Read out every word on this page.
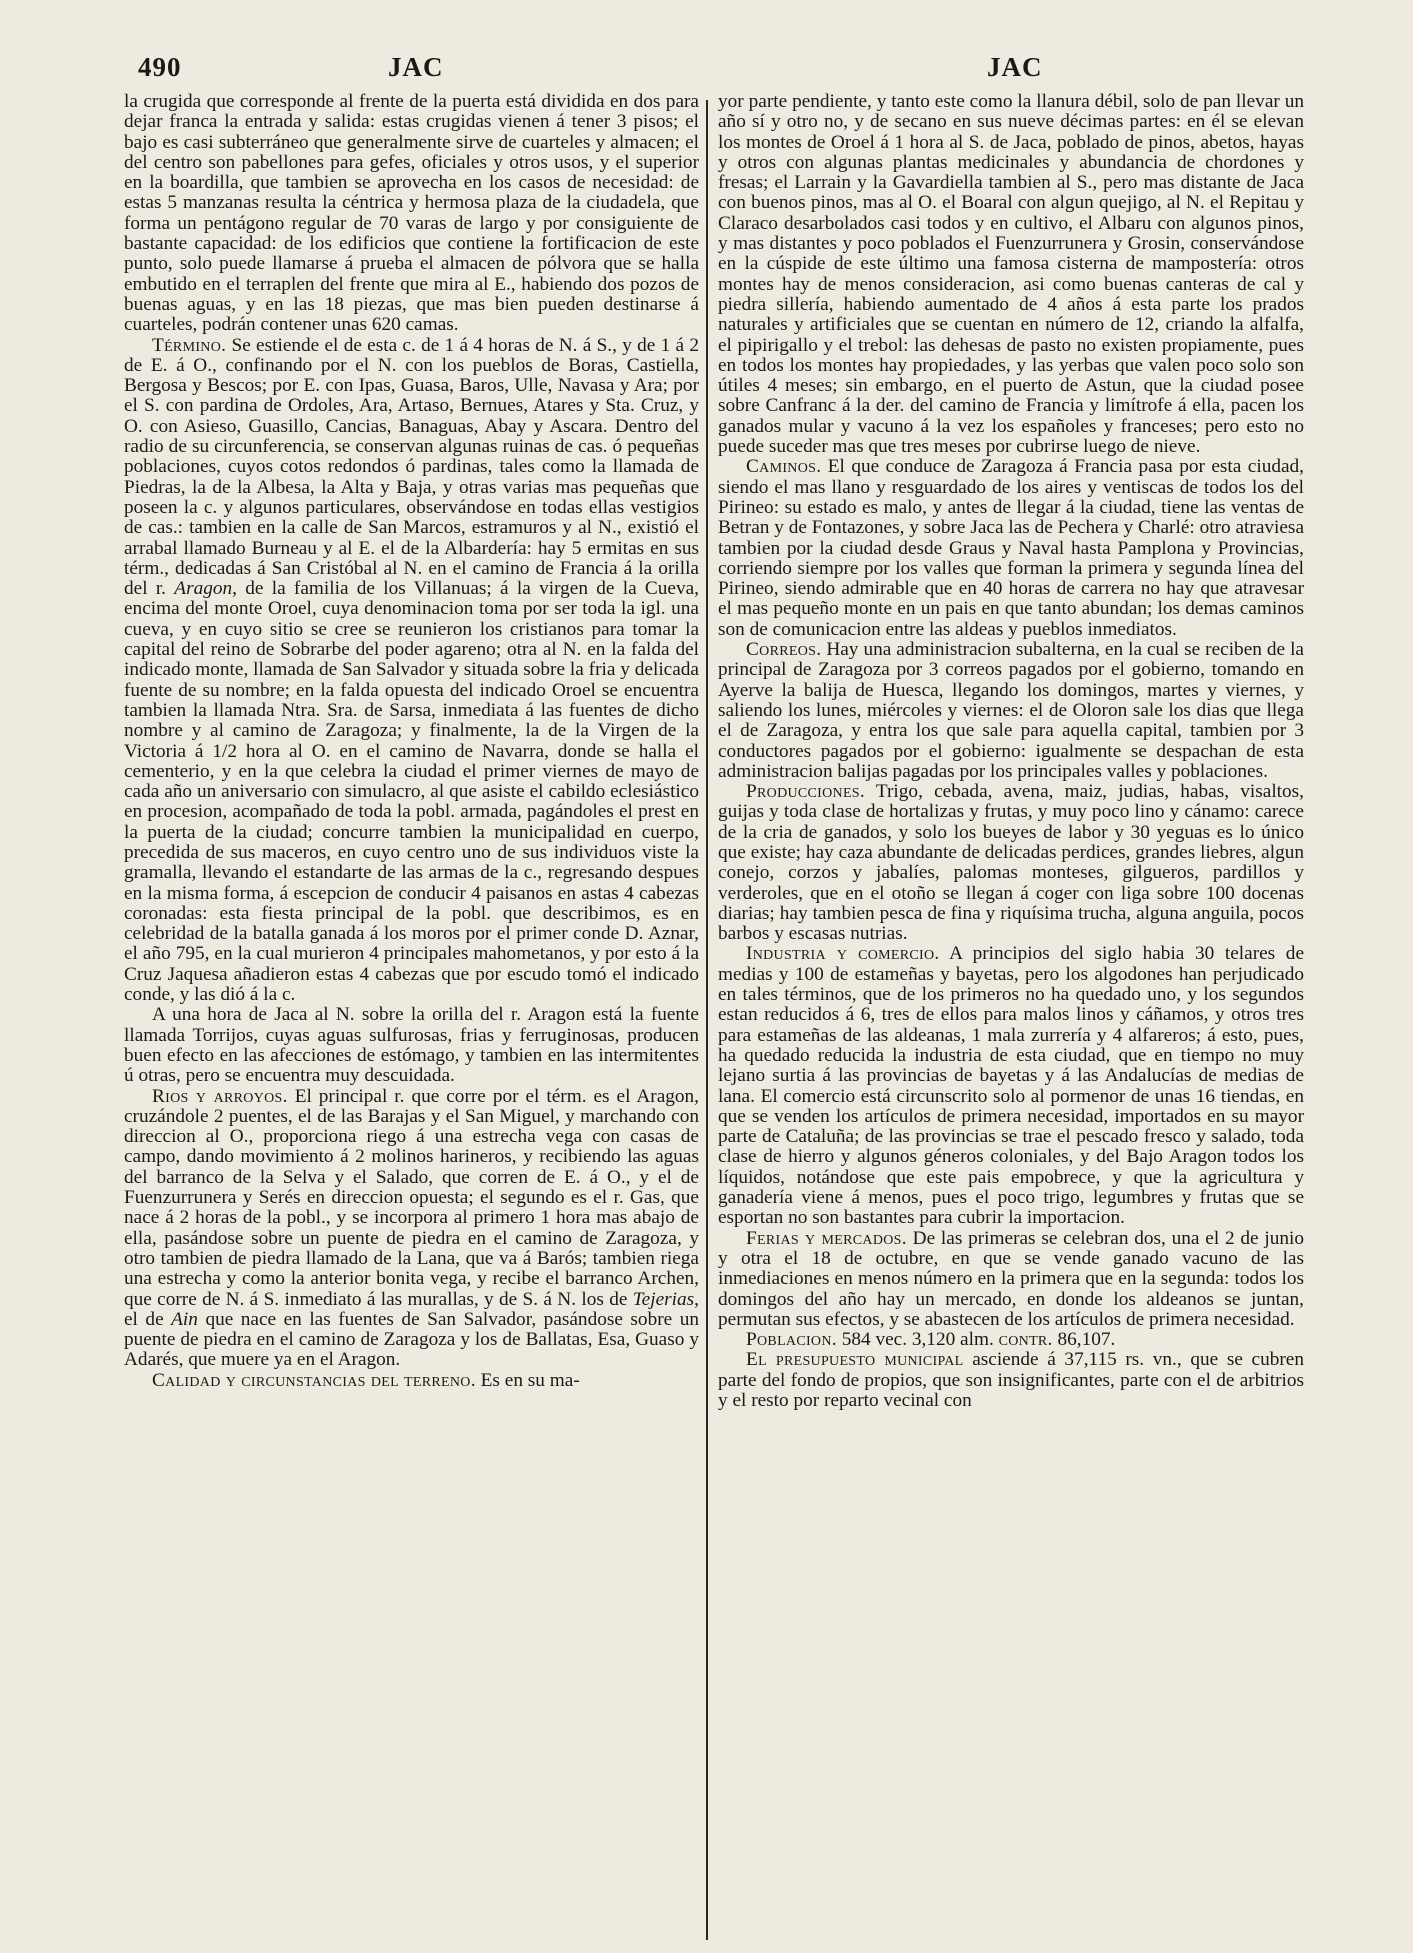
490	JAC	JAC

la crugida que corresponde al frente de la puerta está dividida en dos para dejar franca la entrada y salida: estas crugidas vienen á tener 3 pisos; el bajo es casi subterráneo que generalmente sirve de cuarteles y almacen; el del centro son pabellones para gefes, oficiales y otros usos, y el superior en la boardilla, que tambien se aprovecha en los casos de necesidad: de estas 5 manzanas resulta la céntrica y hermosa plaza de la ciudadela, que forma un pentágono regular de 70 varas de largo y por consiguiente de bastante capacidad: de los edificios que contiene la fortificacion de este punto, solo puede llamarse á prueba el almacen de pólvora que se halla embutido en el terraplen del frente que mira al E., habiendo dos pozos de buenas aguas, y en las 18 piezas, que mas bien pueden destinarse á cuarteles, podrán contener unas 620 camas.

Término. Se estiende el de esta c. de 1 á 4 horas de N. á S., y de 1 á 2 de E. á O., confinando por el N. con los pueblos de Boras, Castiella, Bergosa y Bescos; por E. con Ipas, Guasa, Baros, Ulle, Navasa y Ara; por el S. con pardina de Ordoles, Ara, Artaso, Bernues, Atares y Sta. Cruz, y O. con Asieso, Guasillo, Cancias, Banaguas, Abay y Ascara. Dentro del radio de su circunferencia, se conservan algunas ruinas de cas. ó pequeñas poblaciones, cuyos cotos redondos ó pardinas, tales como la llamada de Piedras, la de la Albesa, la Alta y Baja, y otras varias mas pequeñas que poseen la c. y algunos particulares, observándose en todas ellas vestigios de cas.: tambien en la calle de San Marcos, estramuros y al N., existió el arrabal llamado Burneau y al E. el de la Albardería: hay 5 ermitas en sus térm., dedicadas á San Cristóbal al N. en el camino de Francia á la orilla del r. Aragon, de la familia de los Villanuas; á la virgen de la Cueva, encima del monte Oroel, cuya denominacion toma por ser toda la igl. una cueva, y en cuyo sitio se cree se reunieron los cristianos para tomar la capital del reino de Sobrarbe del poder agareno; otra al N. en la falda del indicado monte, llamada de San Salvador y situada sobre la fria y delicada fuente de su nombre; en la falda opuesta del indicado Oroel se encuentra tambien la llamada Ntra. Sra. de Sarsa, inmediata á las fuentes de dicho nombre y al camino de Zaragoza; y finalmente, la de la Virgen de la Victoria á 1/2 hora al O. en el camino de Navarra, donde se halla el cementerio, y en la que celebra la ciudad el primer viernes de mayo de cada año un aniversario con simulacro, al que asiste el cabildo eclesiástico en procesion, acompañado de toda la pobl. armada, pagándoles el prest en la puerta de la ciudad; concurre tambien la municipalidad en cuerpo, precedida de sus maceros, en cuyo centro uno de sus individuos viste la gramalla, llevando el estandarte de las armas de la c., regresando despues en la misma forma, á escepcion de conducir 4 paisanos en astas 4 cabezas coronadas: esta fiesta principal de la pobl. que describimos, es en celebridad de la batalla ganada á los moros por el primer conde D. Aznar, el año 795, en la cual murieron 4 principales mahometanos, y por esto á la Cruz Jaquesa añadieron estas 4 cabezas que por escudo tomó el indicado conde, y las dió á la c.

A una hora de Jaca al N. sobre la orilla del r. Aragon está la fuente llamada Torrijos, cuyas aguas sulfurosas, frias y ferruginosas, producen buen efecto en las afecciones de estómago, y tambien en las intermitentes ú otras, pero se encuentra muy descuidada.

Rios y arroyos. El principal r. que corre por el térm. es el Aragon, cruzándole 2 puentes, el de las Barajas y el San Miguel, y marchando con direccion al O., proporciona riego á una estrecha vega con casas de campo, dando movimiento á 2 molinos harineros, y recibiendo las aguas del barranco de la Selva y el Salado, que corren de E. á O., y el de Fuenzurrunera y Serés en direccion opuesta; el segundo es el r. Gas, que nace á 2 horas de la pobl., y se incorpora al primero 1 hora mas abajo de ella, pasándose sobre un puente de piedra en el camino de Zaragoza, y otro tambien de piedra llamado de la Lana, que va á Barós; tambien riega una estrecha y como la anterior bonita vega, y recibe el barranco Archen, que corre de N. á S. inmediato á las murallas, y de S. á N. los de Tejerias, el de Ain que nace en las fuentes de San Salvador, pasándose sobre un puente de piedra en el camino de Zaragoza y los de Ballatas, Esa, Guaso y Adarés, que muere ya en el Aragon.

Calidad y circunstancias del terreno. Es en su ma-

yor parte pendiente, y tanto este como la llanura débil, solo de pan llevar un año sí y otro no, y de secano en sus nueve décimas partes: en él se elevan los montes de Oroel á 1 hora al S. de Jaca, poblado de pinos, abetos, hayas y otros con algunas plantas medicinales y abundancia de chordones y fresas; el Larrain y la Gavardiella tambien al S., pero mas distante de Jaca con buenos pinos, mas al O. el Boaral con algun quejigo, al N. el Repitau y Claraco desarbolados casi todos y en cultivo, el Albaru con algunos pinos, y mas distantes y poco poblados el Fuenzurrunera y Grosin, conservándose en la cúspide de este último una famosa cisterna de mampostería: otros montes hay de menos consideracion, asi como buenas canteras de cal y piedra sillería, habiendo aumentado de 4 años á esta parte los prados naturales y artificiales que se cuentan en número de 12, criando la alfalfa, el pipirigallo y el trebol: las dehesas de pasto no existen propiamente, pues en todos los montes hay propiedades, y las yerbas que valen poco solo son útiles 4 meses; sin embargo, en el puerto de Astun, que la ciudad posee sobre Canfranc á la der. del camino de Francia y limítrofe á ella, pacen los ganados mular y vacuno á la vez los españoles y franceses; pero esto no puede suceder mas que tres meses por cubrirse luego de nieve.

Caminos. El que conduce de Zaragoza á Francia pasa por esta ciudad, siendo el mas llano y resguardado de los aires y ventiscas de todos los del Pirineo: su estado es malo, y antes de llegar á la ciudad, tiene las ventas de Betran y de Fontazones, y sobre Jaca las de Pechera y Charlé: otro atraviesa tambien por la ciudad desde Graus y Naval hasta Pamplona y Provincias, corriendo siempre por los valles que forman la primera y segunda línea del Pirineo, siendo admirable que en 40 horas de carrera no hay que atravesar el mas pequeño monte en un pais en que tanto abundan; los demas caminos son de comunicacion entre las aldeas y pueblos inmediatos.

Correos. Hay una administracion subalterna, en la cual se reciben de la principal de Zaragoza por 3 correos pagados por el gobierno, tomando en Ayerve la balija de Huesca, llegando los domingos, martes y viernes, y saliendo los lunes, miércoles y viernes: el de Oloron sale los dias que llega el de Zaragoza, y entra los que sale para aquella capital, tambien por 3 conductores pagados por el gobierno: igualmente se despachan de esta administracion balijas pagadas por los principales valles y poblaciones.

Producciones. Trigo, cebada, avena, maiz, judias, habas, visaltos, guijas y toda clase de hortalizas y frutas, y muy poco lino y cánamo: carece de la cria de ganados, y solo los bueyes de labor y 30 yeguas es lo único que existe; hay caza abundante de delicadas perdices, grandes liebres, algun conejo, corzos y jabalíes, palomas monteses, gilgueros, pardillos y verderoles, que en el otoño se llegan á coger con liga sobre 100 docenas diarias; hay tambien pesca de fina y riquísima trucha, alguna anguila, pocos barbos y escasas nutrias.

Industria y comercio. A principios del siglo habia 30 telares de medias y 100 de estameñas y bayetas, pero los algodones han perjudicado en tales términos, que de los primeros no ha quedado uno, y los segundos estan reducidos á 6, tres de ellos para malos linos y cáñamos, y otros tres para estameñas de las aldeanas, 1 mala zurrería y 4 alfareros; á esto, pues, ha quedado reducida la industria de esta ciudad, que en tiempo no muy lejano surtia á las provincias de bayetas y á las Andalucías de medias de lana. El comercio está circunscrito solo al pormenor de unas 16 tiendas, en que se venden los artículos de primera necesidad, importados en su mayor parte de Cataluña; de las provincias se trae el pescado fresco y salado, toda clase de hierro y algunos géneros coloniales, y del Bajo Aragon todos los líquidos, notándose que este pais empobrece, y que la agricultura y ganadería viene á menos, pues el poco trigo, legumbres y frutas que se esportan no son bastantes para cubrir la importacion.

Ferias y mercados. De las primeras se celebran dos, una el 2 de junio y otra el 18 de octubre, en que se vende ganado vacuno de las inmediaciones en menos número en la primera que en la segunda: todos los domingos del año hay un mercado, en donde los aldeanos se juntan, permutan sus efectos, y se abastecen de los artículos de primera necesidad.

Poblacion. 584 vec. 3,120 alm. contr. 86,107.

El presupuesto municipal asciende á 37,115 rs. vn., que se cubren parte del fondo de propios, que son insignificantes, parte con el de arbitrios y el resto por reparto vecinal con
